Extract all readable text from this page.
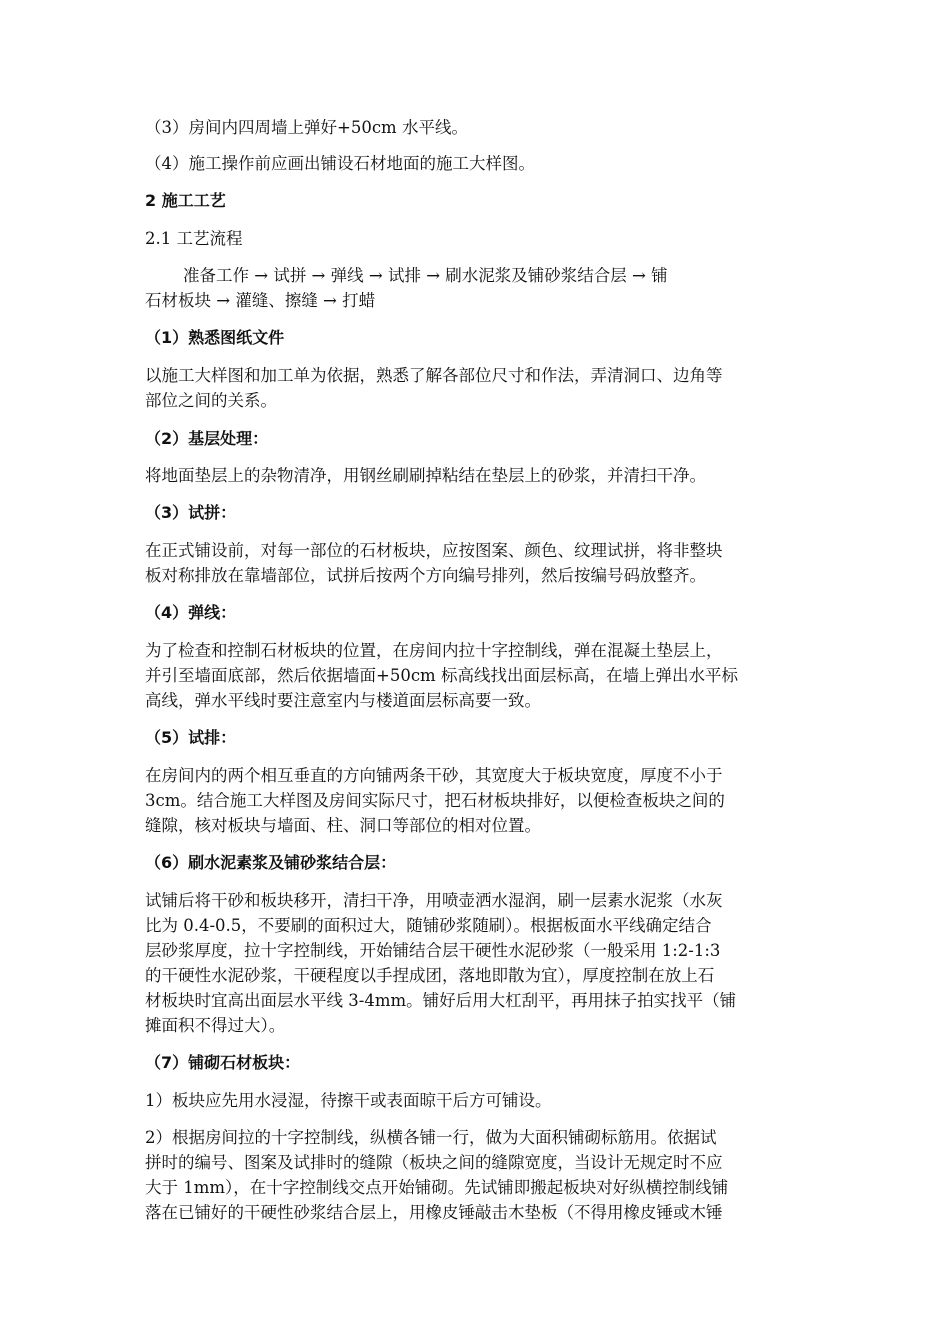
（3）房间内四周墙上弹好+50cm 水平线。

（4）施工操作前应画出铺设石材地面的施工大样图。

2 施工工艺

2.1 工艺流程

准备工作 → 试拼 → 弹线 → 试排 → 刷水泥浆及铺砂浆结合层 → 铺

石材板块 → 灌缝、擦缝 → 打蜡

（1）熟悉图纸文件

以施工大样图和加工单为依据，熟悉了解各部位尺寸和作法，弄清洞口、边角等

部位之间的关系。

（2）基层处理：

将地面垫层上的杂物清净，用钢丝刷刷掉粘结在垫层上的砂浆，并清扫干净。

（3）试拼：

在正式铺设前，对每一部位的石材板块，应按图案、颜色、纹理试拼，将非整块

板对称排放在靠墙部位，试拼后按两个方向编号排列，然后按编号码放整齐。

（4）弹线：

为了检查和控制石材板块的位置，在房间内拉十字控制线，弹在混凝土垫层上，

并引至墙面底部，然后依据墙面+50cm 标高线找出面层标高，在墙上弹出水平标

高线，弹水平线时要注意室内与楼道面层标高要一致。

（5）试排：

在房间内的两个相互垂直的方向铺两条干砂，其宽度大于板块宽度，厚度不小于

3cm。结合施工大样图及房间实际尺寸，把石材板块排好，以便检查板块之间的

缝隙，核对板块与墙面、柱、洞口等部位的相对位置。

（6）刷水泥素浆及铺砂浆结合层：

试铺后将干砂和板块移开，清扫干净，用喷壶洒水湿润，刷一层素水泥浆（水灰

比为 0.4-0.5，不要刷的面积过大，随铺砂浆随刷）。根据板面水平线确定结合

层砂浆厚度，拉十字控制线，开始铺结合层干硬性水泥砂浆（一般采用 1:2-1:3

的干硬性水泥砂浆，干硬程度以手捏成团，落地即散为宜），厚度控制在放上石

材板块时宜高出面层水平线 3-4mm。铺好后用大杠刮平，再用抹子拍实找平（铺

摊面积不得过大）。

（7）铺砌石材板块：

1）板块应先用水浸湿，待擦干或表面晾干后方可铺设。

2）根据房间拉的十字控制线，纵横各铺一行，做为大面积铺砌标筋用。依据试

拼时的编号、图案及试排时的缝隙（板块之间的缝隙宽度，当设计无规定时不应

大于 1mm），在十字控制线交点开始铺砌。先试铺即搬起板块对好纵横控制线铺

落在已铺好的干硬性砂浆结合层上，用橡皮锤敲击木垫板（不得用橡皮锤或木锤
